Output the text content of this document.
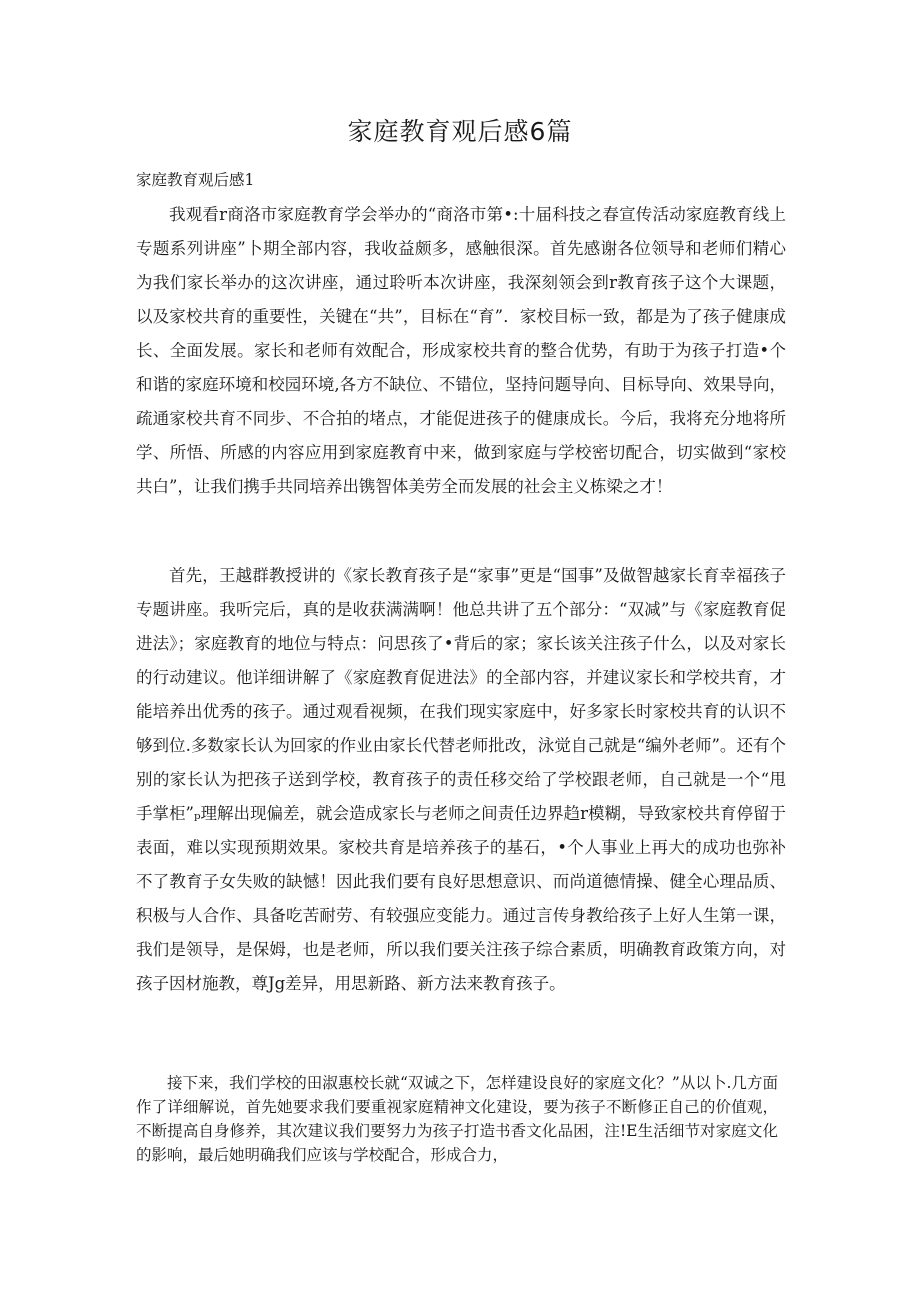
家庭教育观后感6篇
家庭教育观后感1

我观看r商洛市家庭教育学会举办的“商洛市第•:十届科技之春宣传活动家庭教育线上专题系列讲座”卜期全部内容，我收益颇多，感触很深。首先感谢各位领导和老师们精心为我们家长举办的这次讲座，通过聆听本次讲座，我深刻领会到r教育孩子这个大课题，以及家校共育的重要性，关键在“共”，目标在“育”．家校目标一致，都是为了孩子健康成长、全面发展。家长和老师有效配合，形成家校共育的整合优势，有助于为孩子打造•个和谐的家庭环境和校园环境,各方不缺位、不错位，坚持问题导向、目标导向、效果导向，疏通家校共育不同步、不合拍的堵点，才能促进孩子的健康成长。今后，我将充分地将所学、所悟、所感的内容应用到家庭教育中来，做到家庭与学校密切配合，切实做到“家校共白”，让我们携手共同培养出镌智体美劳全而发展的社会主义栋梁之才！

首先，王越群教授讲的《家长教育孩子是“家事”更是“国事”及做智越家长育幸福孩子专题讲座。我听完后，真的是收获满满啊！他总共讲了五个部分：“双减”与《家庭教育促进法》；家庭教育的地位与特点：问思孩了•背后的家；家长该关注孩子什么，以及对家长的行动建议。他详细讲解了《家庭教育促进法》的全部内容，并建议家长和学校共育，才能培养出优秀的孩子。通过观看视频，在我们现实家庭中，好多家长时家校共育的认识不够到位.多数家长认为回家的作业由家长代替老师批改，泳觉自己就是“编外老师”。还有个别的家长认为把孩子送到学校，教育孩子的责任移交给了学校跟老师，自己就是一个“甩手掌柜”ₚ理解出现偏差，就会造成家长与老师之间责任边界趋r模糊，导致家校共育停留于表面，难以实现预期效果。家校共育是培养孩子的基石，•个人事业上再大的成功也弥补不了教育子女失败的缺憾！因此我们要有良好思想意识、而尚道德情操、健全心理品质、积极与人合作、具备吃苦耐劳、有较强应变能力。通过言传身教给孩子上好人生第一课，我们是领导，是保姆，也是老师，所以我们要关注孩子综合素质，明确教育政策方向，对孩子因材施教，尊Jg差异，用思新路、新方法来教育孩子。

接下来，我们学校的田淑惠校长就“双诚之下，怎样建设良好的家庭文化？”从以卜.几方面作了详细解说，首先她要求我们要重视家庭精神文化建设，要为孩子不断修正自己的价值观，不断提高自身修养，其次建议我们要努力为孩子打造书香文化品困，注!E生活细节对家庭文化的影响，最后她明确我们应该与学校配合，形成合力，
